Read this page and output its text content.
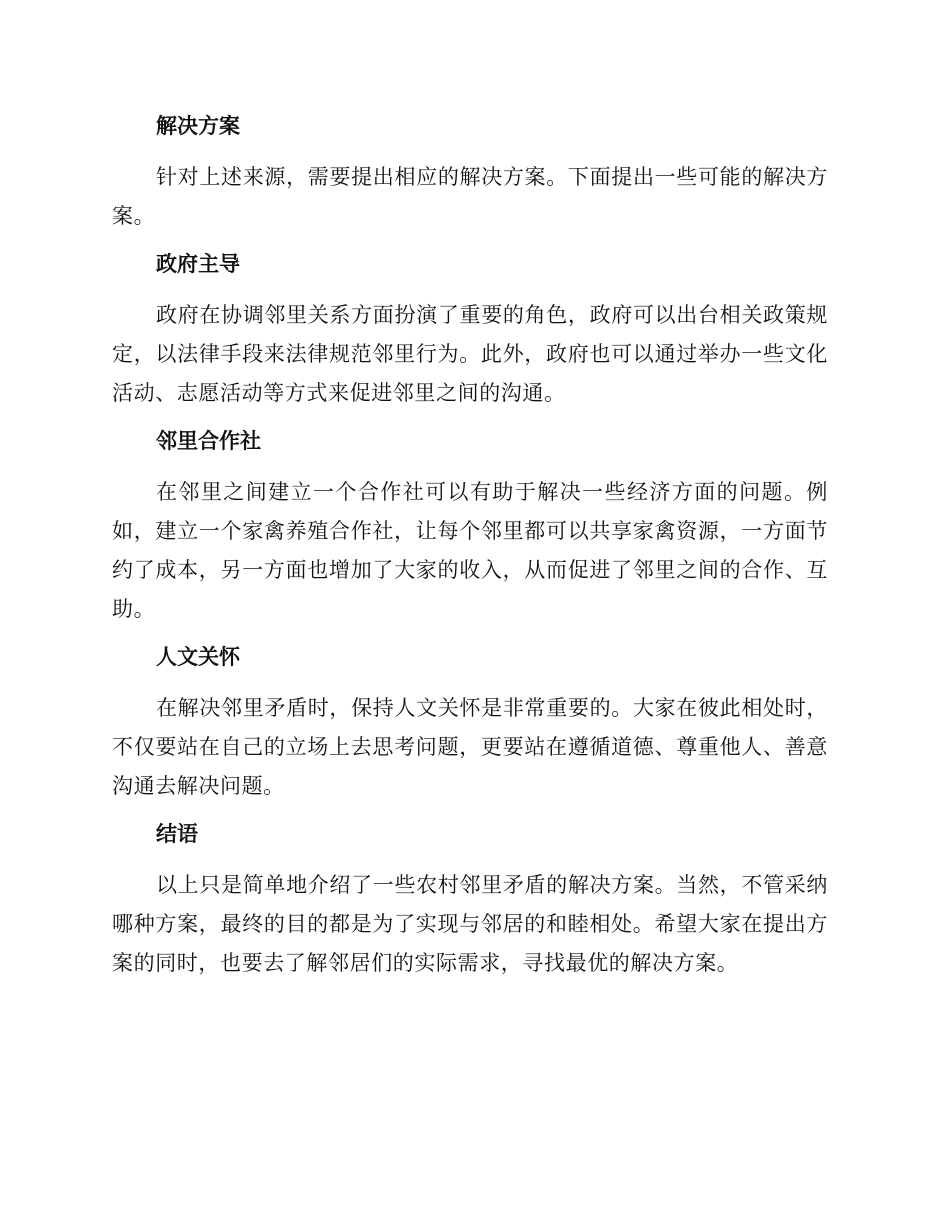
解决方案

针对上述来源，需要提出相应的解决方案。下面提出一些可能的解决方案。

政府主导

政府在协调邻里关系方面扮演了重要的角色，政府可以出台相关政策规定，以法律手段来法律规范邻里行为。此外，政府也可以通过举办一些文化活动、志愿活动等方式来促进邻里之间的沟通。

邻里合作社

在邻里之间建立一个合作社可以有助于解决一些经济方面的问题。例如，建立一个家禽养殖合作社，让每个邻里都可以共享家禽资源，一方面节约了成本，另一方面也增加了大家的收入，从而促进了邻里之间的合作、互助。

人文关怀

在解决邻里矛盾时，保持人文关怀是非常重要的。大家在彼此相处时，不仅要站在自己的立场上去思考问题，更要站在遵循道德、尊重他人、善意沟通去解决问题。

结语

以上只是简单地介绍了一些农村邻里矛盾的解决方案。当然，不管采纳哪种方案，最终的目的都是为了实现与邻居的和睦相处。希望大家在提出方案的同时，也要去了解邻居们的实际需求，寻找最优的解决方案。
